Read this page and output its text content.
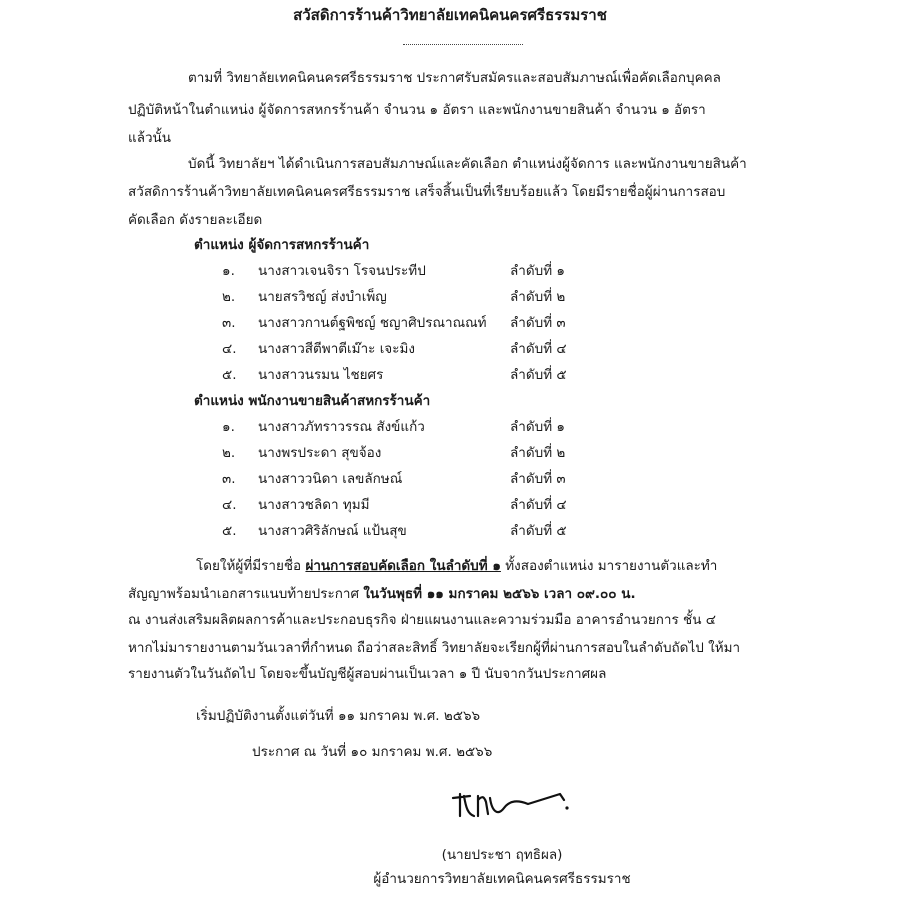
สวัสดิการร้านค้าวิทยาลัยเทคนิคนครศรีธรรมราช
ตามที่ วิทยาลัยเทคนิคนครศรีธรรมราช ประกาศรับสมัครและสอบสัมภาษณ์เพื่อคัดเลือกบุคคล
ปฏิบัติหน้าในตำแหน่ง ผู้จัดการสหกรร้านค้า จำนวน ๑ อัตรา และพนักงานขายสินค้า จำนวน ๑ อัตรา
แล้วนั้น
บัดนี้ วิทยาลัยฯ ได้ดำเนินการสอบสัมภาษณ์และคัดเลือก ตำแหน่งผู้จัดการ และพนักงานขายสินค้า
สวัสดิการร้านค้าวิทยาลัยเทคนิคนครศรีธรรมราช เสร็จสิ้นเป็นที่เรียบร้อยแล้ว โดยมีรายชื่อผู้ผ่านการสอบ
คัดเลือก ดังรายละเอียด
ตำแหน่ง ผู้จัดการสหกรร้านค้า
๑. นางสาวเจนจิรา โรจนประทีป	ลำดับที่ ๑
๒. นายสรวิชญ์ ส่งบำเพ็ญ	ลำดับที่ ๒
๓. นางสาวกานต์ฐพิชญ์ ชญาศิปรณาณณท์ ลำดับที่ ๓
๔. นางสาวสีตีพาตีเม๊าะ เจะมิง	ลำดับที่ ๔
๕. นางสาวนรมน ไชยศร	ลำดับที่ ๕
ตำแหน่ง พนักงานขายสินค้าสหกรร้านค้า
๑. นางสาวภัทราวรรณ สังข์แก้ว	ลำดับที่ ๑
๒. นางพรประดา สุขจ้อง	ลำดับที่ ๒
๓. นางสาววนิดา เลขลักษณ์	ลำดับที่ ๓
๔. นางสาวชลิดา ทุมมี	ลำดับที่ ๔
๕. นางสาวศิริลักษณ์ แป้นสุข	ลำดับที่ ๕
โดยให้ผู้ที่มีรายชื่อ ผ่านการสอบคัดเลือก ในลำดับที่ ๑ ทั้งสองตำแหน่ง มารายงานตัวและทำ
สัญญาพร้อมนำเอกสารแนบท้ายประกาศ ในวันพุธที่ ๑๑ มกราคม ๒๕๖๖ เวลา ๐๙.๐๐ น.
ณ งานส่งเสริมผลิตผลการค้าและประกอบธุรกิจ ฝ่ายแผนงานและความร่วมมือ อาคารอำนวยการ ชั้น ๔
หากไม่มารายงานตามวันเวลาที่กำหนด ถือว่าสละสิทธิ์ วิทยาลัยจะเรียกผู้ที่ผ่านการสอบในลำดับถัดไป ให้มา
รายงานตัวในวันถัดไป โดยจะขึ้นบัญชีผู้สอบผ่านเป็นเวลา ๑ ปี นับจากวันประกาศผล
เริ่มปฏิบัติงานตั้งแต่วันที่ ๑๑ มกราคม พ.ศ. ๒๕๖๖
ประกาศ ณ วันที่ ๑๐ มกราคม พ.ศ. ๒๕๖๖
(นายประชา ฤทธิผล)
ผู้อำนวยการวิทยาลัยเทคนิคนครศรีธรรมราช
